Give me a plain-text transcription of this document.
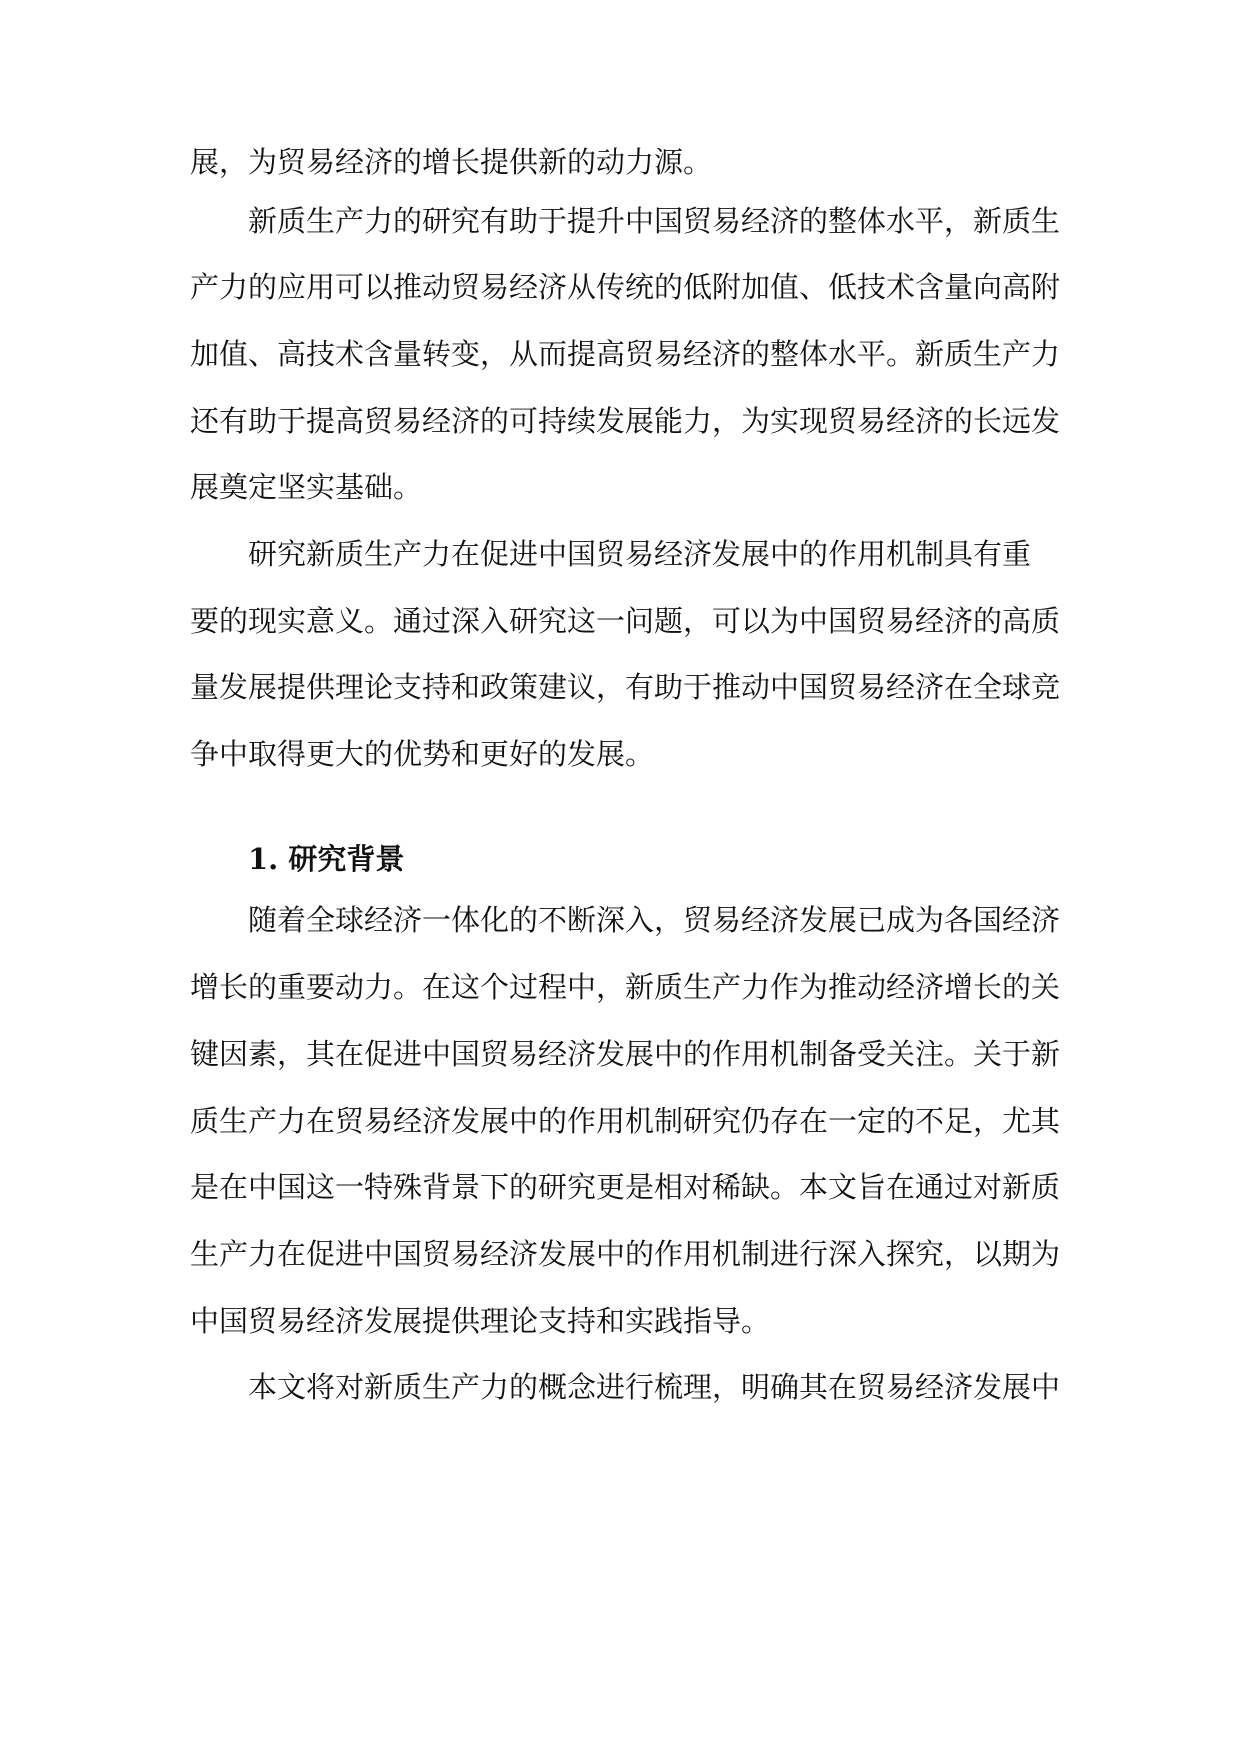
展，为贸易经济的增长提供新的动力源。
新质生产力的研究有助于提升中国贸易经济的整体水平，新质生
产力的应用可以推动贸易经济从传统的低附加值、低技术含量向高附
加值、高技术含量转变，从而提高贸易经济的整体水平。新质生产力
还有助于提高贸易经济的可持续发展能力，为实现贸易经济的长远发
展奠定坚实基础。
研究新质生产力在促进中国贸易经济发展中的作用机制具有重
要的现实意义。通过深入研究这一问题，可以为中国贸易经济的高质
量发展提供理论支持和政策建议，有助于推动中国贸易经济在全球竞
争中取得更大的优势和更好的发展。
1. 研究背景
随着全球经济一体化的不断深入，贸易经济发展已成为各国经济
增长的重要动力。在这个过程中，新质生产力作为推动经济增长的关
键因素，其在促进中国贸易经济发展中的作用机制备受关注。关于新
质生产力在贸易经济发展中的作用机制研究仍存在一定的不足，尤其
是在中国这一特殊背景下的研究更是相对稀缺。本文旨在通过对新质
生产力在促进中国贸易经济发展中的作用机制进行深入探究，以期为
中国贸易经济发展提供理论支持和实践指导。
本文将对新质生产力的概念进行梳理，明确其在贸易经济发展中
